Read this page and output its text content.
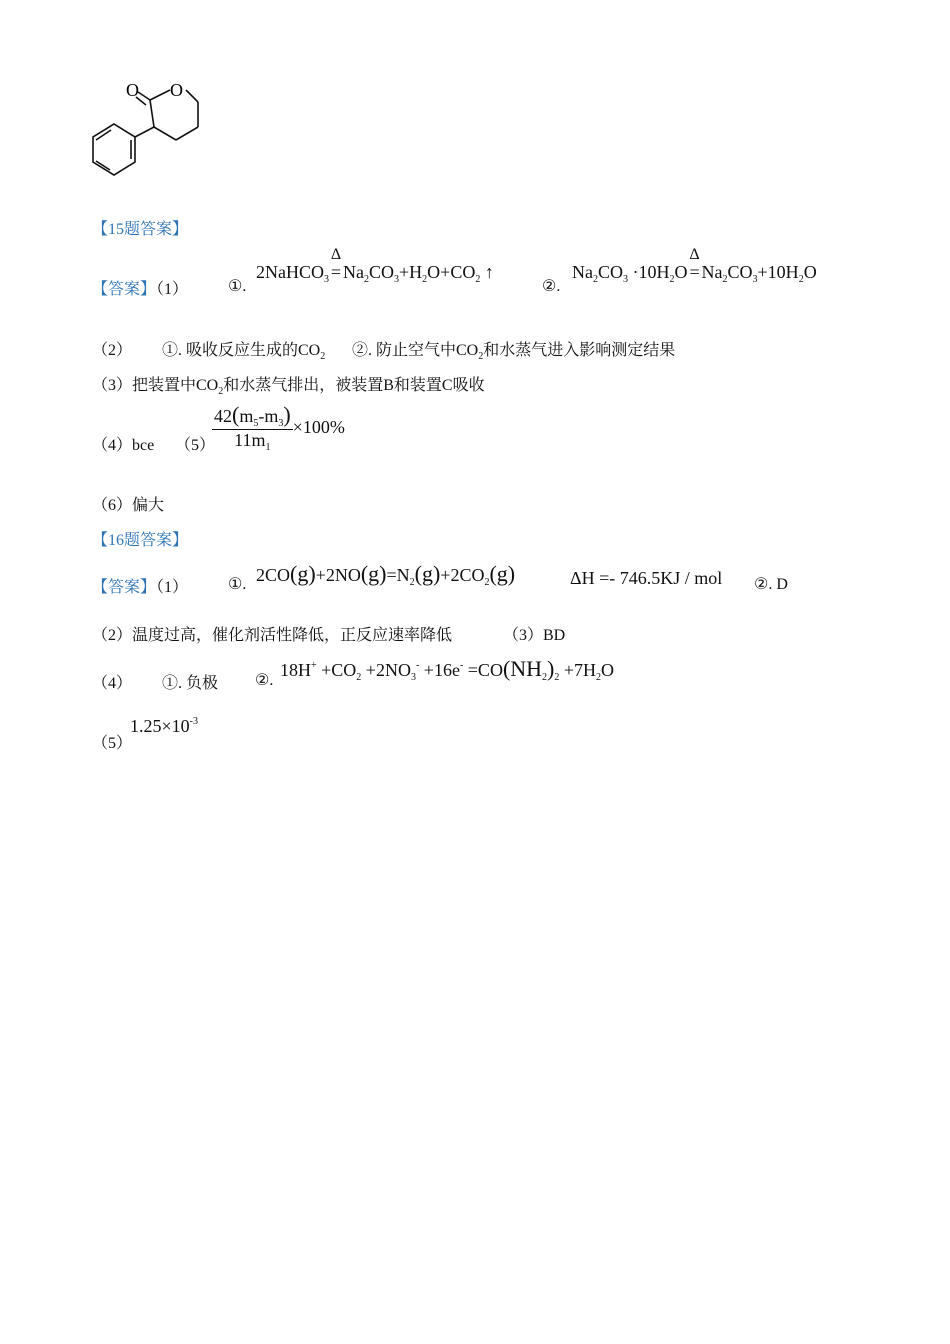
O O
【15题答案】
【答案】（1） ①.
2NaHCO$_3$
Δ
= $Na_2CO_3+H_2O+CO_2$ ↑
②.
$Na_2CO_3 \cdot 10H_2O$
Δ
= $Na_2CO_3+10H_2O$
（2） ①. 吸收反应生成的$CO_2$ ②. 防止空气中$CO_2$和水蒸气进入影响测定结果
（3）把装置中$CO_2$和水蒸气排出，被装置B和装置C吸收
（4）bce （5）
$\frac{42(m_5-m_3)}{11m_1} \times 100\%$
（6）偏大
【16题答案】
【答案】（1） ①. $2CO(g)+2NO(g)=N_2(g)+2CO_2(g)$	ΔH =- 746.5KJ / mol ②. D
（2）温度过高，催化剂活性降低，正反应速率降低	（3）BD
（4） ①. 负极 ②.
$18H^+ +CO_2 +2NO_3^- +16e^- =CO(NH_2)_2 +7H_2O$
（5）
$1.25\times 10^{-3}$
